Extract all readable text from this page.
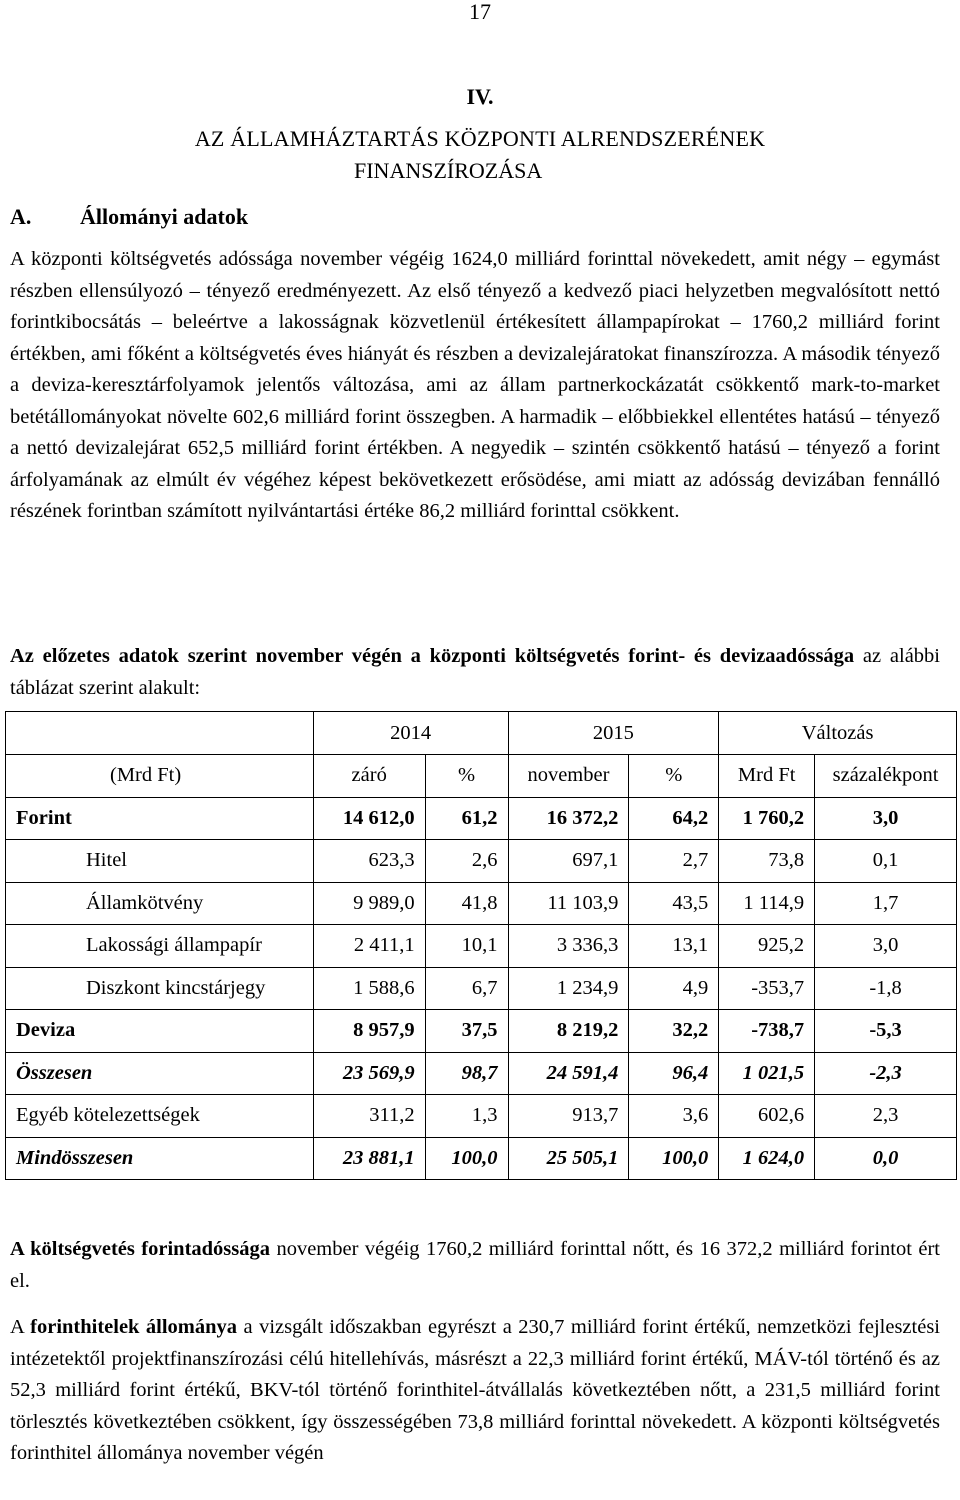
17
IV.
AZ ÁLLAMHÁZTARTÁS KÖZPONTI ALRENDSZERÉNEK
FINANSZÍROZÁSA
A. Állományi adatok
A központi költségvetés adóssága november végéig 1624,0 milliárd forinttal növekedett, amit négy – egymást részben ellensúlyozó – tényező eredményezett. Az első tényező a kedvező piaci helyzetben megvalósított nettó forintkibocsátás – beleértve a lakosságnak közvetlenül értékesített állampapírokat – 1760,2 milliárd forint értékben, ami főként a költségvetés éves hiányát és részben a devizalejáratokat finanszírozza. A második tényező a deviza-keresztárfolyamok jelentős változása, ami az állam partnerkockázatát csökkentő mark-to-market betétállományokat növelte 602,6 milliárd forint összegben. A harmadik – előbbiekkel ellentétes hatású – tényező a nettó devizalejárat 652,5 milliárd forint értékben. A negyedik – szintén csökkentő hatású – tényező a forint árfolyamának az elmúlt év végéhez képest bekövetkezett erősödése, ami miatt az adósság devizában fennálló részének forintban számított nyilvántartási értéke 86,2 milliárd forinttal csökkent.
Az előzetes adatok szerint november végén a központi költségvetés forint- és devizaadóssága az alábbi táblázat szerint alakult:
	2014		2015		Változás	
(Mrd Ft)	záró	%	november	%	Mrd Ft	százalékpont
Forint	14 612,0	61,2	16 372,2	64,2	1 760,2	3,0
Hitel	623,3	2,6	697,1	2,7	73,8	0,1
Államkötvény	9 989,0	41,8	11 103,9	43,5	1 114,9	1,7
Lakossági állampapír	2 411,1	10,1	3 336,3	13,1	925,2	3,0
Diszkont kincstárjegy	1 588,6	6,7	1 234,9	4,9	-353,7	-1,8
Deviza	8 957,9	37,5	8 219,2	32,2	-738,7	-5,3
Összesen	23 569,9	98,7	24 591,4	96,4	1 021,5	-2,3
Egyéb kötelezettségek	311,2	1,3	913,7	3,6	602,6	2,3
Mindösszesen	23 881,1	100,0	25 505,1	100,0	1 624,0	0,0
A költségvetés forintadóssága november végéig 1760,2 milliárd forinttal nőtt, és 16 372,2 milliárd forintot ért el.
A forinthitelek állománya a vizsgált időszakban egyrészt a 230,7 milliárd forint értékű, nemzetközi fejlesztési intézetektől projektfinanszírozási célú hitellehívás, másrészt a 22,3 milliárd forint értékű, MÁV-tól történő és az 52,3 milliárd forint értékű, BKV-tól történő forinthitel-átvállalás következtében nőtt, a 231,5 milliárd forint törlesztés következtében csökkent, így összességében 73,8 milliárd forinttal növekedett. A központi költségvetés forinthitel állománya november végén
